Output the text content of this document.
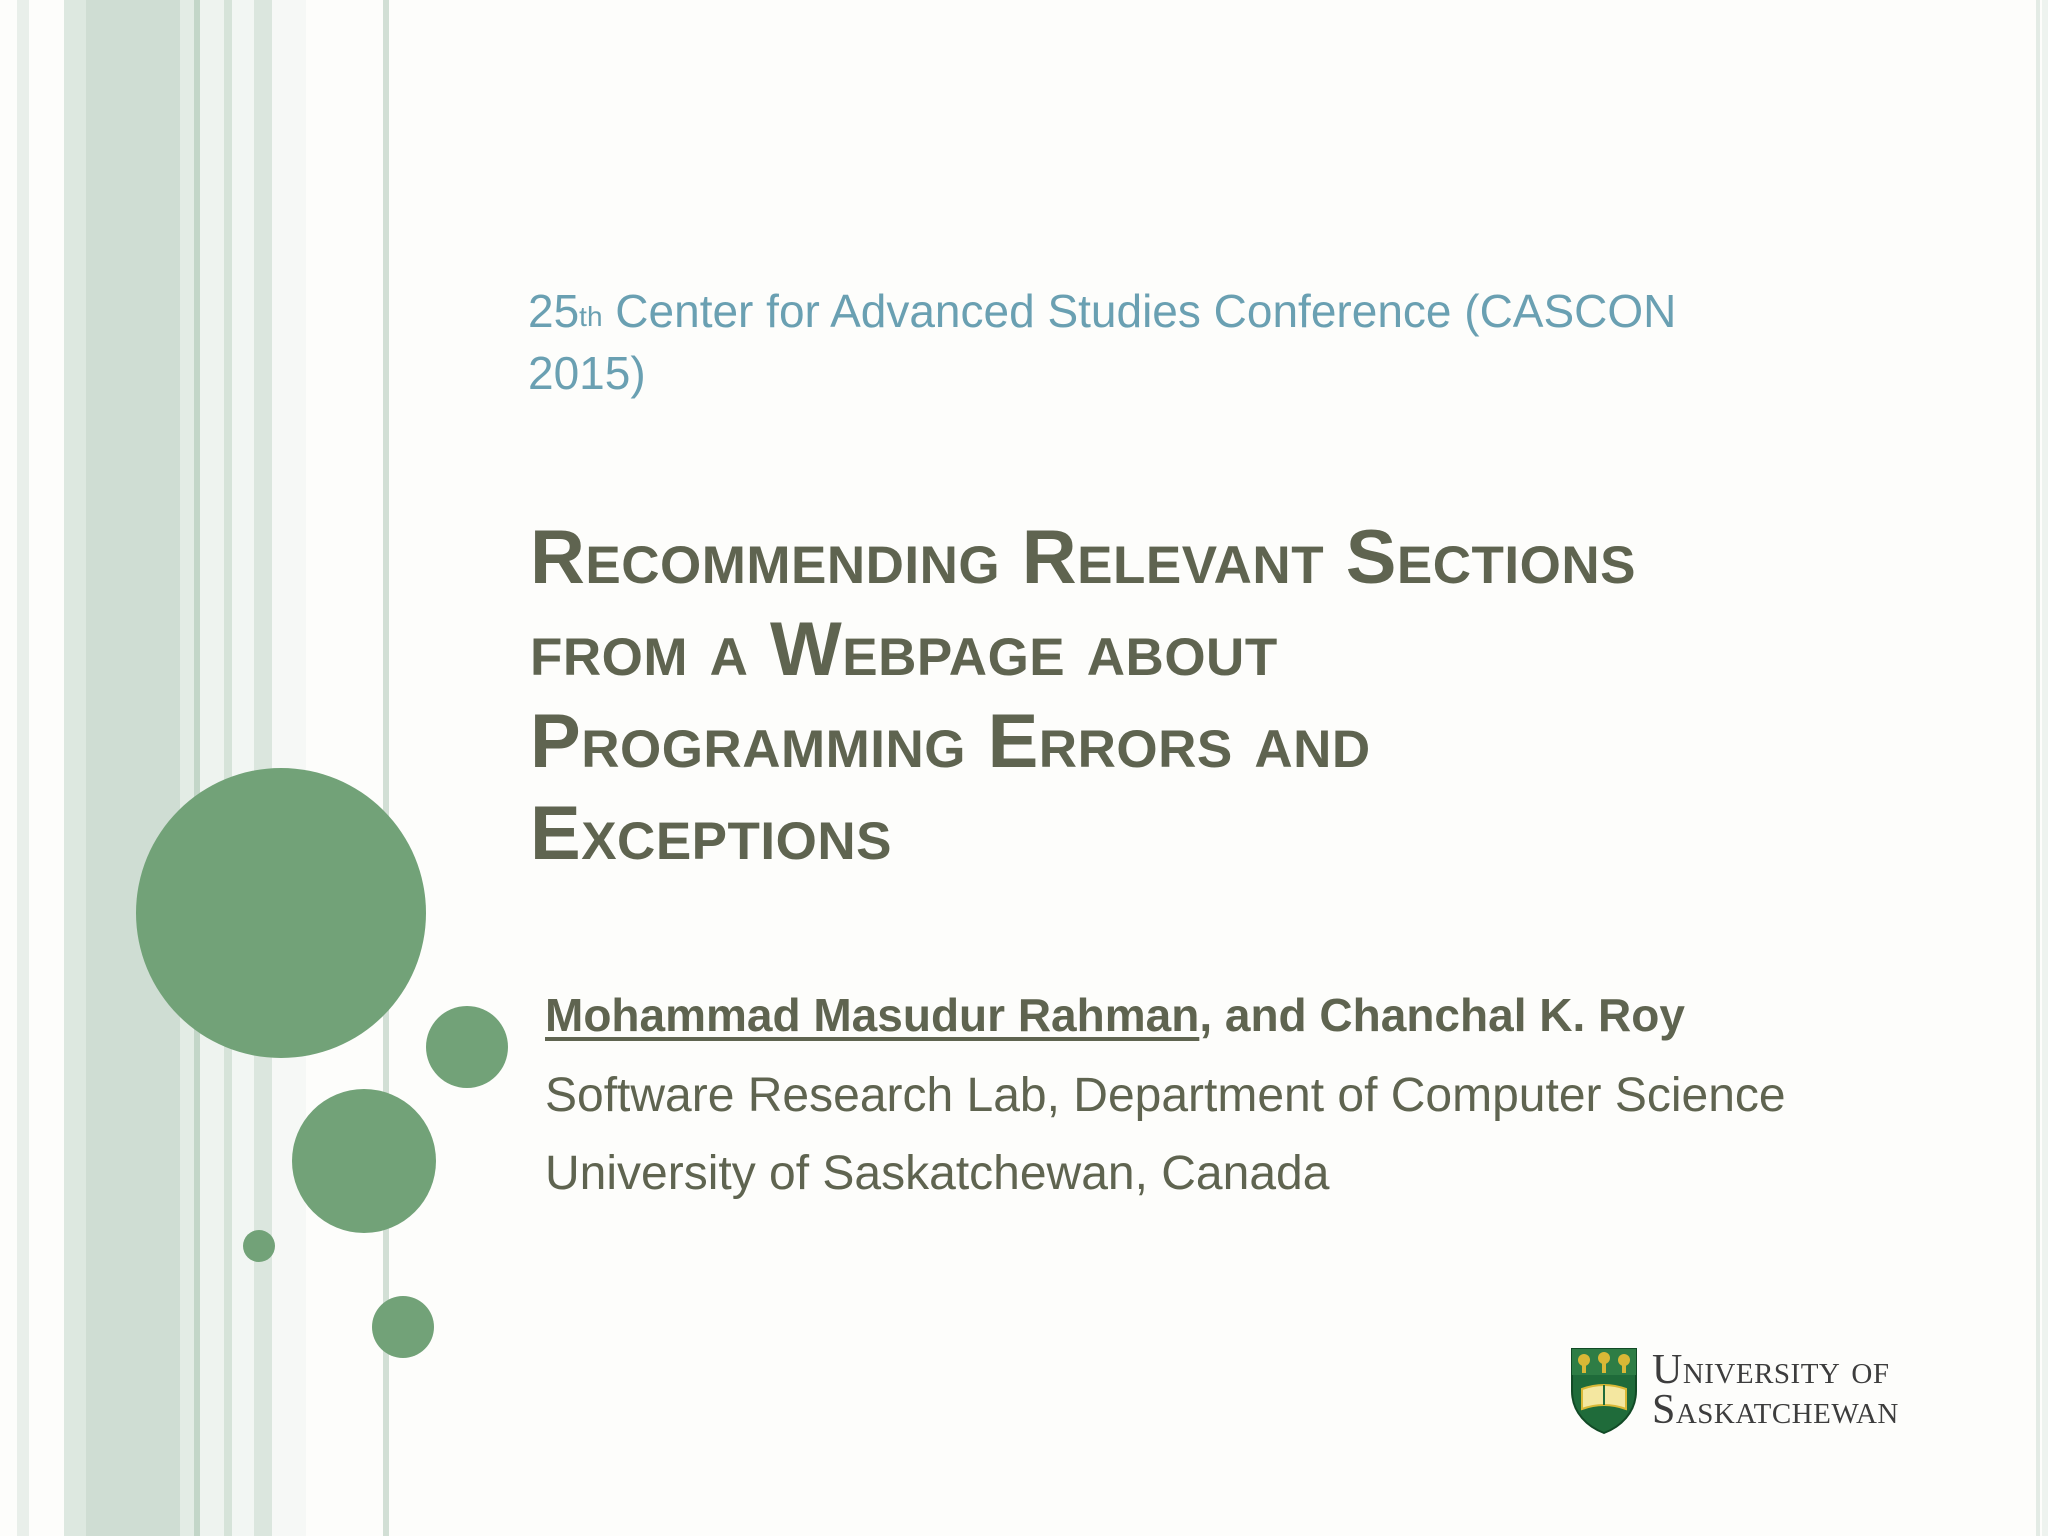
25th Center for Advanced Studies Conference (CASCON
2015)

Recommending Relevant Sections
from a Webpage about
Programming Errors and
Exceptions
Mohammad Masudur Rahman, and Chanchal K. Roy
Software Research Lab, Department of Computer Science
University of Saskatchewan, Canada
University of
Saskatchewan
